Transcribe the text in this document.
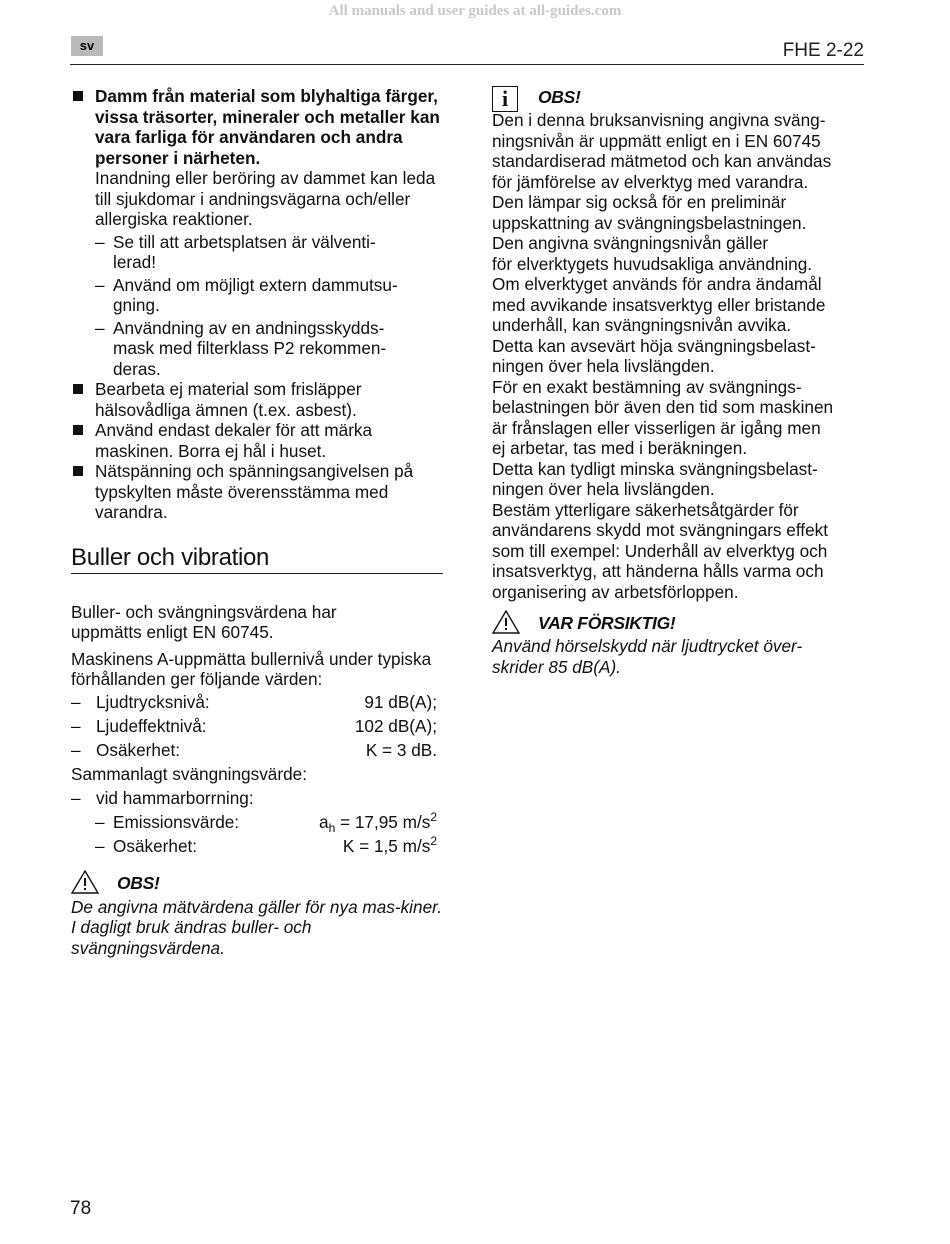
All manuals and user guides at all-guides.com
sv	FHE 2-22
Damm från material som blyhaltiga färger, vissa träsorter, mineraler och metaller kan vara farliga för användaren och andra personer i närheten.
Inandning eller beröring av dammet kan leda till sjukdomar i andningsvägarna och/eller allergiska reaktioner.
– Se till att arbetsplatsen är välventi-lerad!
– Använd om möjligt extern dammutsu-gning.
– Användning av en andningsskydds-mask med filterklass P2 rekommen-deras.
Bearbeta ej material som frisläpper hälsovådliga ämnen (t.ex. asbest).
Använd endast dekaler för att märka maskinen. Borra ej hål i huset.
Nätspänning och spänningsangivelsen på typskylten måste överensstämma med varandra.
Buller och vibration

Buller- och svängningsvärdena har uppmätts enligt EN 60745.

Maskinens A-uppmätta bullernivå under typiska förhållanden ger följande värden:

– Ljudtrycksnivå:	91 dB(A);
– Ljudeffektnivå:	102 dB(A);
– Osäkerhet:	K = 3 dB.
Sammanlagt svängningsvärde:
– vid hammarborrning:
– Emissionsvärde:	$a_h = 17,95$ $m/s^2$
– Osäkerhet:	K = 1,5 $m/s^2$
OBS!
De angivna mätvärdena gäller för nya mas-kiner. I dagligt bruk ändras buller- och svängningsvärdena.
i	OBS!
Den i denna bruksanvisning angivna sväng-
ningsnivån är uppmätt enligt en i EN 60745
standardiserad mätmetod och kan användas
för jämförelse av elverktyg med varandra.
Den lämpar sig också för en preliminär
uppskattning av svängningsbelastningen.
Den angivna svängningsnivån gäller
för elverktygets huvudsakliga användning.
Om elverktyget används för andra ändamål
med avvikande insatsverktyg eller bristande
underhåll, kan svängningsnivån avvika.
Detta kan avsevärt höja svängningsbelast-
ningen över hela livslängden.
För en exakt bestämning av svängnings-
belastningen bör även den tid som maskinen
är frånslagen eller visserligen är igång men
ej arbetar, tas med i beräkningen.
Detta kan tydligt minska svängningsbelast-
ningen över hela livslängden.
Bestäm ytterligare säkerhetsåtgärder för
användarens skydd mot svängningars effekt
som till exempel: Underhåll av elverktyg och
insatsverktyg, att händerna hålls varma och
organisering av arbetsförloppen.
VAR FÖRSIKTIG!
Använd hörselskydd när ljudtrycket över-skrider 85 dB(A).
78
